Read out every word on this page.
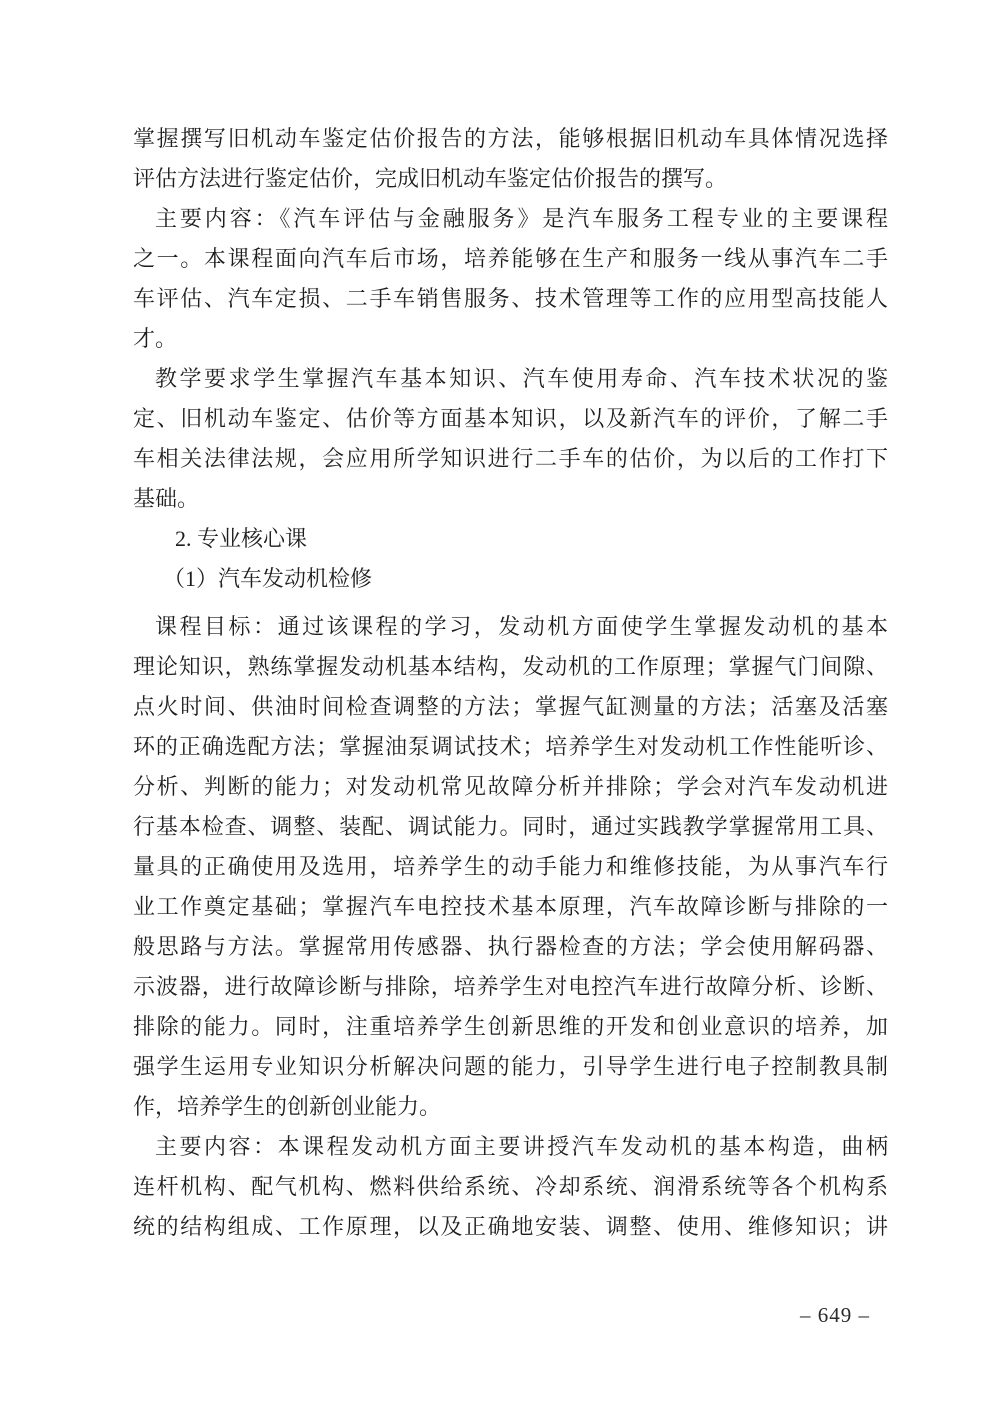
掌握撰写旧机动车鉴定估价报告的方法，能够根据旧机动车具体情况选择
评估方法进行鉴定估价，完成旧机动车鉴定估价报告的撰写。
主要内容：《汽车评估与金融服务》是汽车服务工程专业的主要课程
之一。本课程面向汽车后市场，培养能够在生产和服务一线从事汽车二手
车评估、汽车定损、二手车销售服务、技术管理等工作的应用型高技能人
才。
教学要求学生掌握汽车基本知识、汽车使用寿命、汽车技术状况的鉴
定、旧机动车鉴定、估价等方面基本知识，以及新汽车的评价，了解二手
车相关法律法规，会应用所学知识进行二手车的估价，为以后的工作打下
基础。
2. 专业核心课
（1）汽车发动机检修
课程目标：通过该课程的学习，发动机方面使学生掌握发动机的基本
理论知识，熟练掌握发动机基本结构，发动机的工作原理；掌握气门间隙、
点火时间、供油时间检查调整的方法；掌握气缸测量的方法；活塞及活塞
环的正确选配方法；掌握油泵调试技术；培养学生对发动机工作性能听诊、
分析、判断的能力；对发动机常见故障分析并排除；学会对汽车发动机进
行基本检查、调整、装配、调试能力。同时，通过实践教学掌握常用工具、
量具的正确使用及选用，培养学生的动手能力和维修技能，为从事汽车行
业工作奠定基础；掌握汽车电控技术基本原理，汽车故障诊断与排除的一
般思路与方法。掌握常用传感器、执行器检查的方法；学会使用解码器、
示波器，进行故障诊断与排除，培养学生对电控汽车进行故障分析、诊断、
排除的能力。同时，注重培养学生创新思维的开发和创业意识的培养，加
强学生运用专业知识分析解决问题的能力，引导学生进行电子控制教具制
作，培养学生的创新创业能力。
主要内容：本课程发动机方面主要讲授汽车发动机的基本构造，曲柄
连杆机构、配气机构、燃料供给系统、冷却系统、润滑系统等各个机构系
统的结构组成、工作原理，以及正确地安装、调整、使用、维修知识；讲
– 649 –
